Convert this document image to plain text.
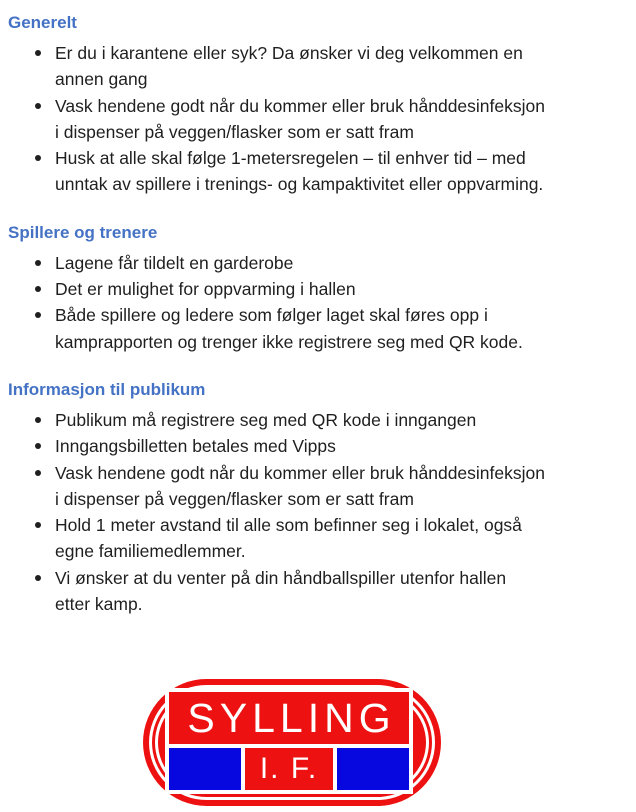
Generelt
Er du i karantene eller syk? Da ønsker vi deg velkommen en
annen gang
Vask hendene godt når du kommer eller bruk hånddesinfeksjon
i dispenser på veggen/flasker som er satt fram
Husk at alle skal følge 1-metersregelen – til enhver tid – med
unntak av spillere i trenings- og kampaktivitet eller oppvarming.
Spillere og trenere
Lagene får tildelt en garderobe
Det er mulighet for oppvarming i hallen
Både spillere og ledere som følger laget skal føres opp i
kamprapporten og trenger ikke registrere seg med QR kode.
Informasjon til publikum
Publikum må registrere seg med QR kode i inngangen
Inngangsbilletten betales med Vipps
Vask hendene godt når du kommer eller bruk hånddesinfeksjon
i dispenser på veggen/flasker som er satt fram
Hold 1 meter avstand til alle som befinner seg i lokalet, også
egne familiemedlemmer.
Vi ønsker at du venter på din håndballspiller utenfor hallen
etter kamp.
SYLLING
I. F.
